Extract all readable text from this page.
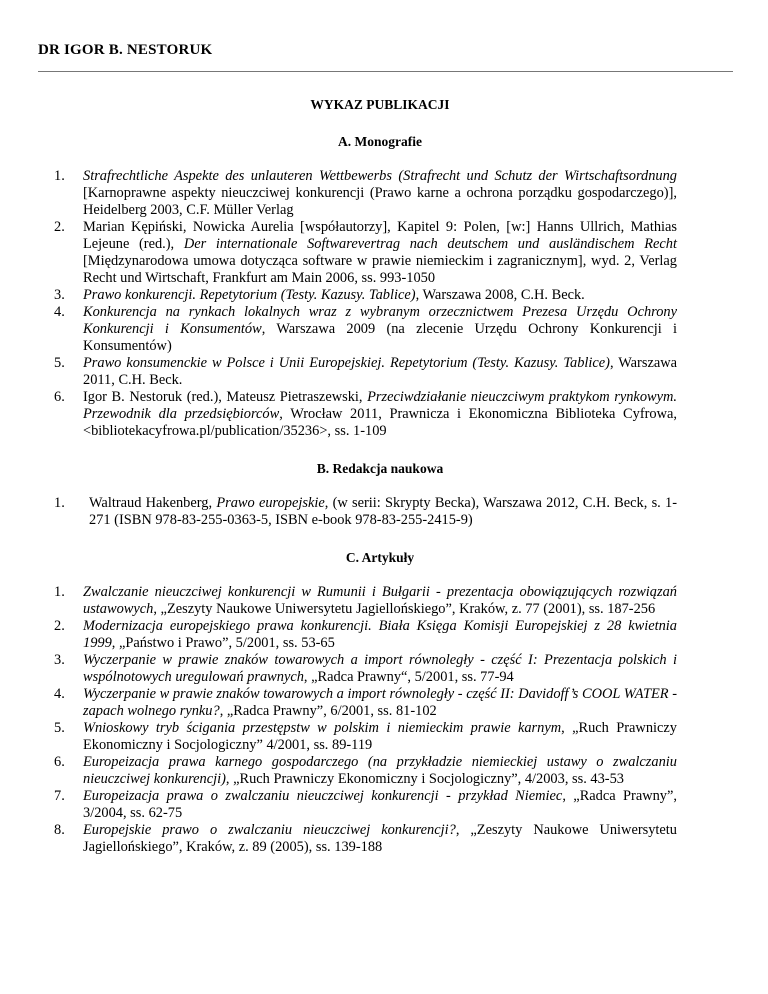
DR IGOR B. NESTORUK
WYKAZ PUBLIKACJI
A. Monografie
1. Strafrechtliche Aspekte des unlauteren Wettbewerbs (Strafrecht und Schutz der Wirtschaftsordnung [Karnoprawne aspekty nieuczciwej konkurencji (Prawo karne a ochrona porządku gospodarczego)], Heidelberg 2003, C.F. Müller Verlag
2. Marian Kępiński, Nowicka Aurelia [współautorzy], Kapitel 9: Polen, [w:] Hanns Ullrich, Mathias Lejeune (red.), Der internationale Softwarevertrag nach deutschem und ausländischem Recht [Międzynarodowa umowa dotycząca software w prawie niemieckim i zagranicznym], wyd. 2, Verlag Recht und Wirtschaft, Frankfurt am Main 2006, ss. 993-1050
3. Prawo konkurencji. Repetytorium (Testy. Kazusy. Tablice), Warszawa 2008, C.H. Beck.
4. Konkurencja na rynkach lokalnych wraz z wybranym orzecznictwem Prezesa Urzędu Ochrony Konkurencji i Konsumentów, Warszawa 2009 (na zlecenie Urzędu Ochrony Konkurencji i Konsumentów)
5. Prawo konsumenckie w Polsce i Unii Europejskiej. Repetytorium (Testy. Kazusy. Tablice), Warszawa 2011, C.H. Beck.
6. Igor B. Nestoruk (red.), Mateusz Pietraszewski, Przeciwdziałanie nieuczciwym praktykom rynkowym. Przewodnik dla przedsiębiorców, Wrocław 2011, Prawnicza i Ekonomiczna Biblioteka Cyfrowa, <bibliotekacyfrowa.pl/publication/35236>, ss. 1-109
B. Redakcja naukowa
1.	Waltraud Hakenberg, Prawo europejskie, (w serii: Skrypty Becka), Warszawa 2012, C.H. Beck, s. 1-271 (ISBN 978-83-255-0363-5, ISBN e-book 978-83-255-2415-9)
C. Artykuły
1. Zwalczanie nieuczciwej konkurencji w Rumunii i Bułgarii - prezentacja obowiązujących rozwiązań ustawowych, „Zeszyty Naukowe Uniwersytetu Jagiellońskiego”, Kraków, z. 77 (2001), ss. 187-256
2. Modernizacja europejskiego prawa konkurencji. Biała Księga Komisji Europejskiej z 28 kwietnia 1999, „Państwo i Prawo”, 5/2001, ss. 53-65
3. Wyczerpanie w prawie znaków towarowych a import równoległy - część I: Prezentacja polskich i wspólnotowych uregulowań prawnych, „Radca Prawny“, 5/2001, ss. 77-94
4. Wyczerpanie w prawie znaków towarowych a import równoległy - część II: Davidoff’s COOL WATER - zapach wolnego rynku?, „Radca Prawny”, 6/2001, ss. 81-102
5. Wnioskowy tryb ścigania przestępstw w polskim i niemieckim prawie karnym, „Ruch Prawniczy Ekonomiczny i Socjologiczny” 4/2001, ss. 89-119
6. Europeizacja prawa karnego gospodarczego (na przykładzie niemieckiej ustawy o zwalczaniu nieuczciwej konkurencji), „Ruch Prawniczy Ekonomiczny i Socjologiczny”, 4/2003, ss. 43-53
7. Europeizacja prawa o zwalczaniu nieuczciwej konkurencji - przykład Niemiec, „Radca Prawny”, 3/2004, ss. 62-75
8. Europejskie prawo o zwalczaniu nieuczciwej konkurencji?, „Zeszyty Naukowe Uniwersytetu Jagiellońskiego”, Kraków, z. 89 (2005), ss. 139-188
